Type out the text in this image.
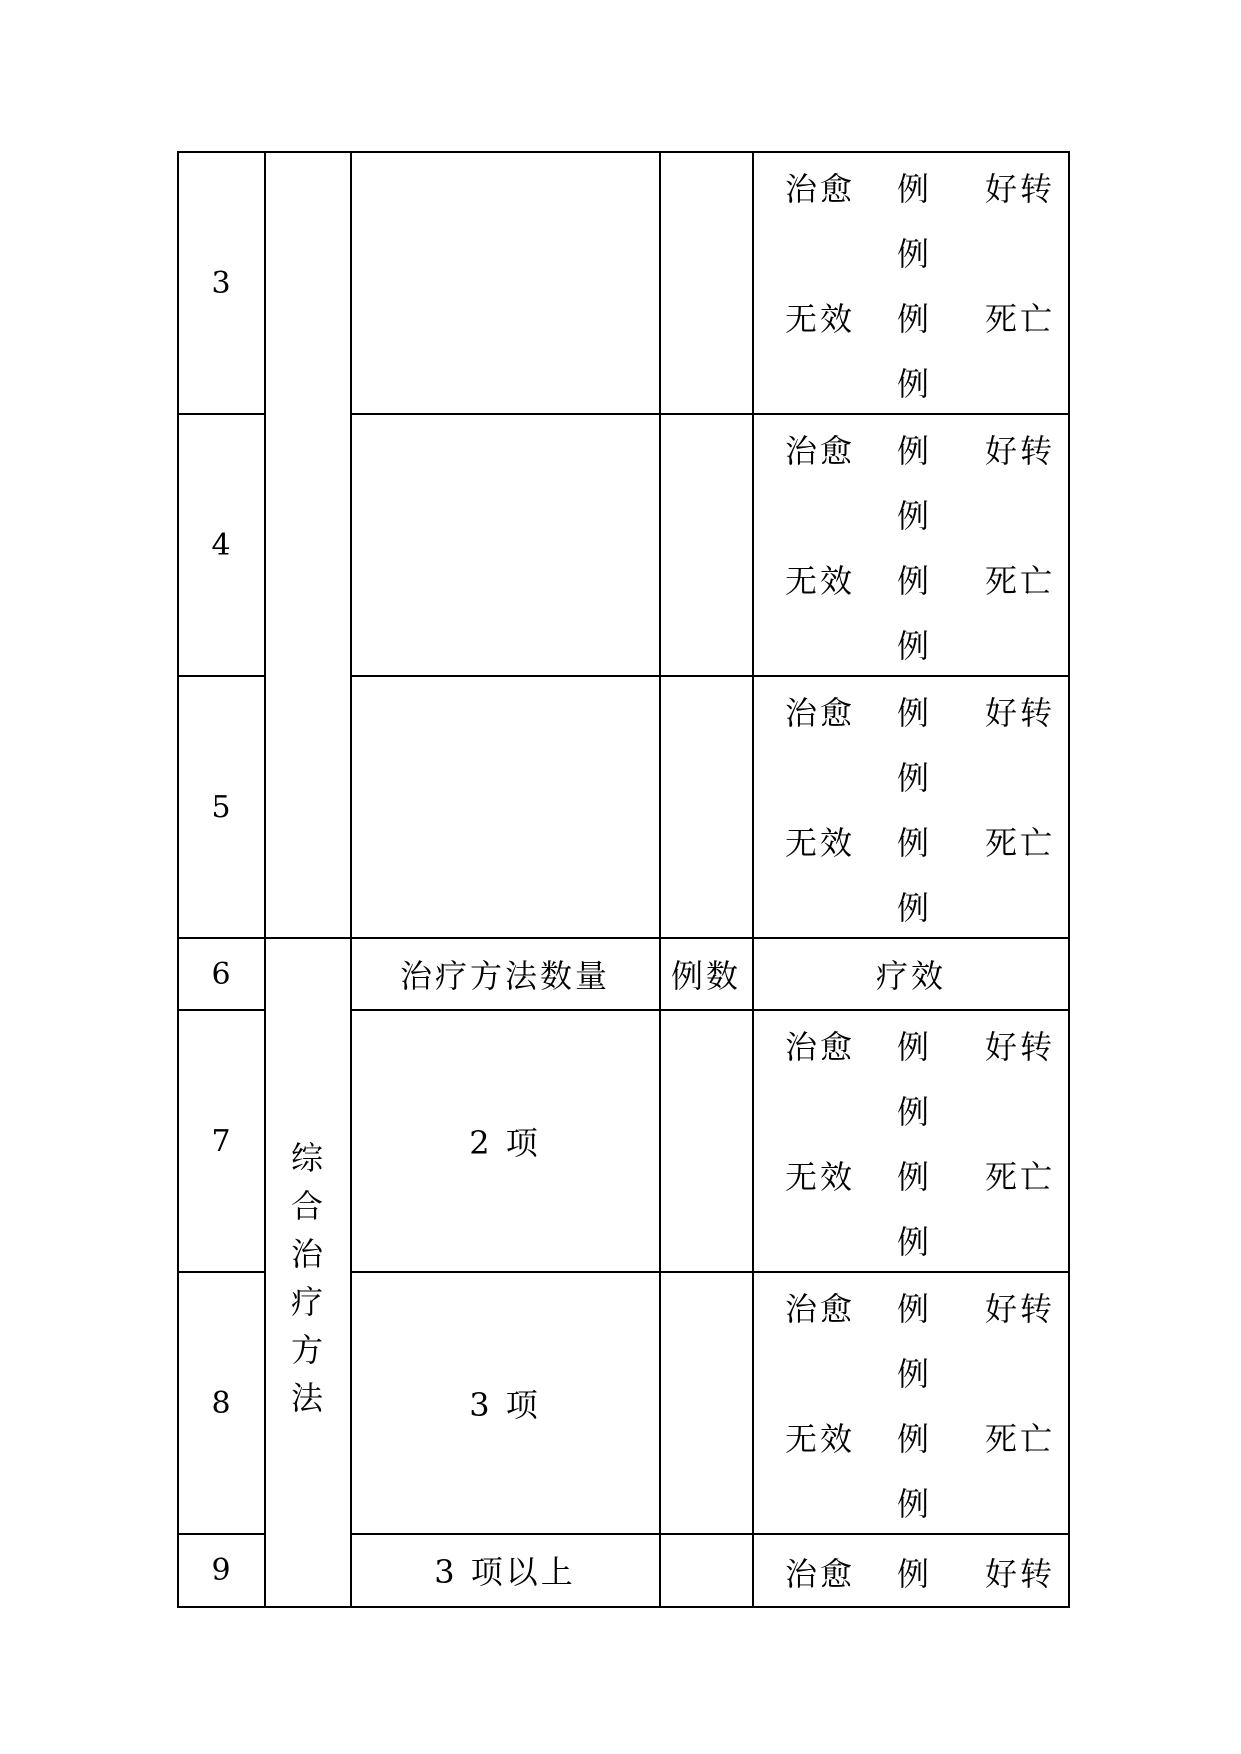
3
4
5
6
7
8
9
综
合
治
疗
方
法
治疗方法数量	例数	疗效
2 项
3 项
3 项以上
治愈 例 好转
例
无效 例 死亡
例
治愈 例 好转
例
无效 例 死亡
例
治愈 例 好转
例
无效 例 死亡
例
治愈 例 好转
例
无效 例 死亡
例
治愈 例 好转
例
无效 例 死亡
例
治愈 例 好转
